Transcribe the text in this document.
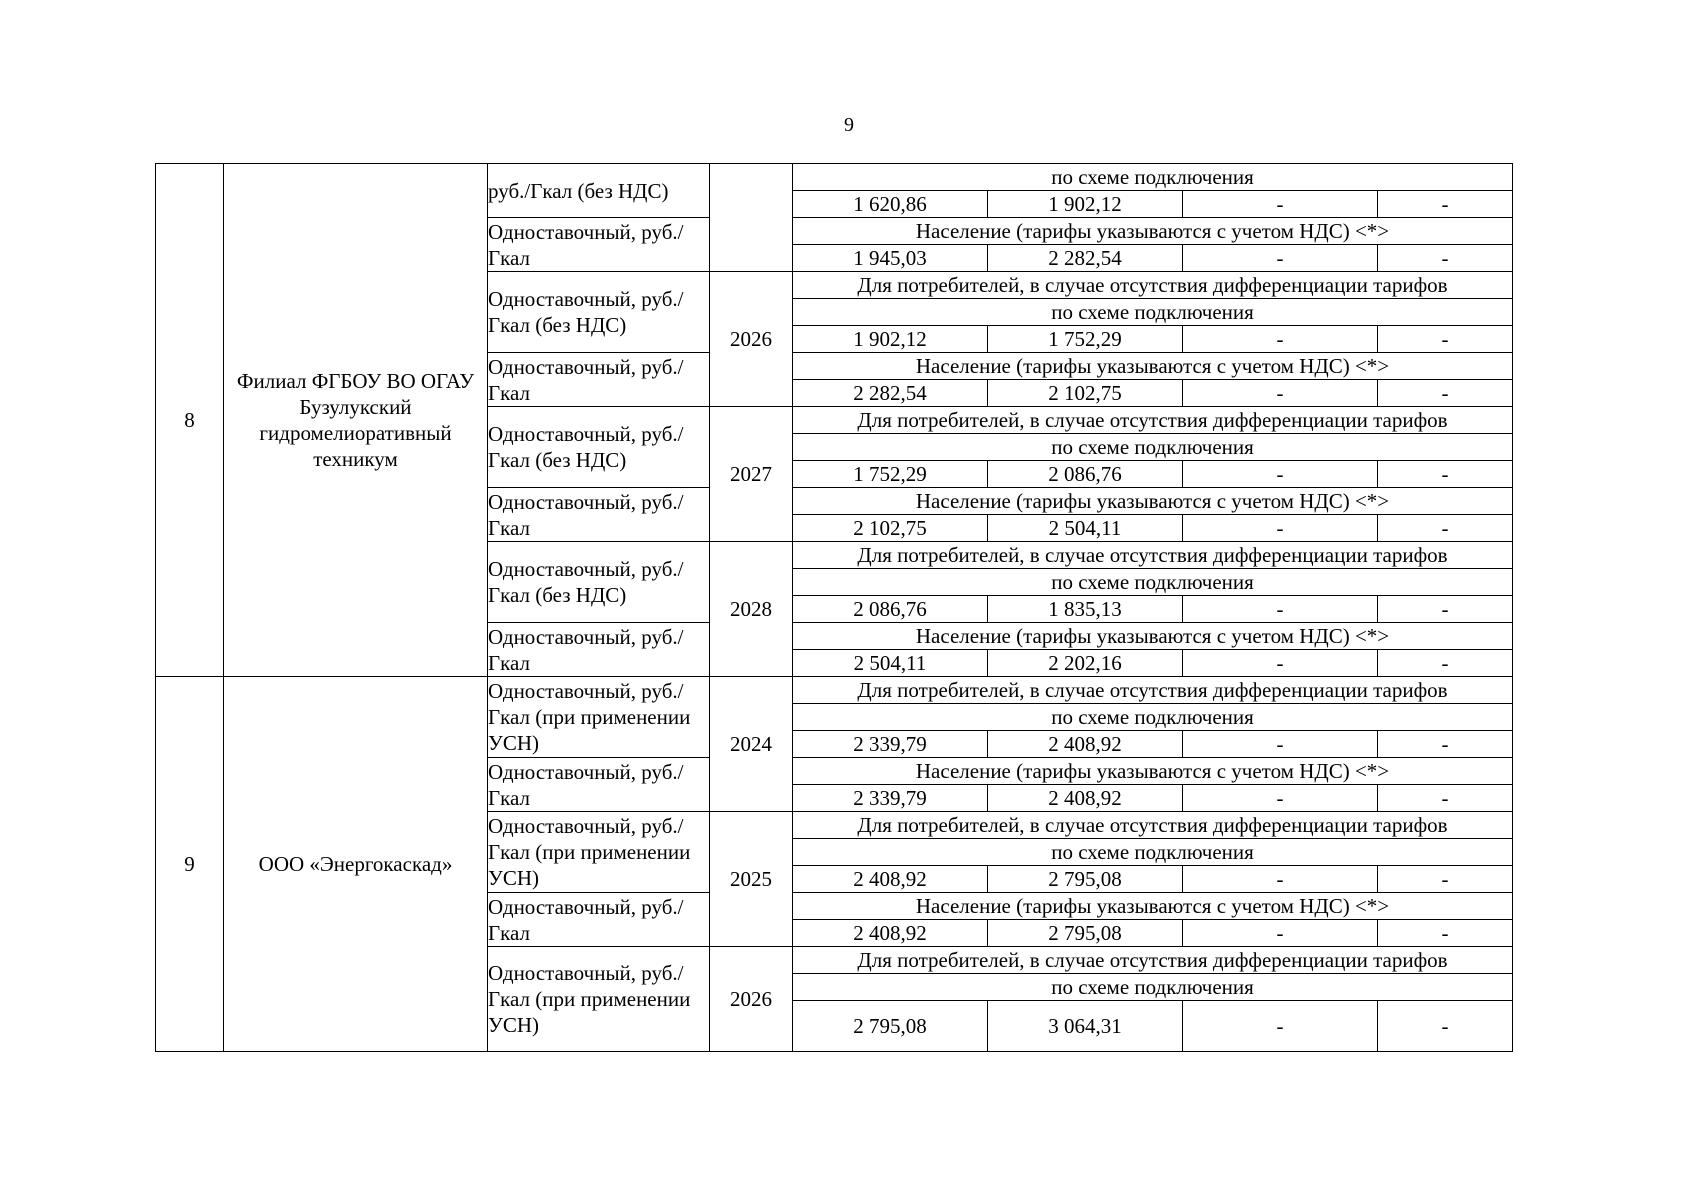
9
8	Филиал ФГБОУ ВО ОГАУ Бузулукский гидромелиоративный техникум	руб./Гкал (без НДС)		по схеме подключения			
				1 620,86	1 902,12	-	-
		Одноставочный, руб./Гкал		Население (тарифы указываются с учетом НДС) <*>			
				1 945,03	2 282,54	-	-
		Одноставочный, руб./Гкал (без НДС)	2026	Для потребителей, в случае отсутствия дифференциации тарифов			
				по схеме подключения			
				1 902,12	1 752,29	-	-
		Одноставочный, руб./Гкал		Население (тарифы указываются с учетом НДС) <*>			
				2 282,54	2 102,75	-	-
		Одноставочный, руб./Гкал (без НДС)	2027	Для потребителей, в случае отсутствия дифференциации тарифов			
				по схеме подключения			
				1 752,29	2 086,76	-	-
		Одноставочный, руб./Гкал		Население (тарифы указываются с учетом НДС) <*>			
				2 102,75	2 504,11	-	-
		Одноставочный, руб./Гкал (без НДС)	2028	Для потребителей, в случае отсутствия дифференциации тарифов			
				по схеме подключения			
				2 086,76	1 835,13	-	-
		Одноставочный, руб./Гкал		Население (тарифы указываются с учетом НДС) <*>			
				2 504,11	2 202,16	-	-
9	ООО «Энергокаскад»	Одноставочный, руб./Гкал (при применении УСН)	2024	Для потребителей, в случае отсутствия дифференциации тарифов			
				по схеме подключения			
				2 339,79	2 408,92	-	-
		Одноставочный, руб./Гкал		Население (тарифы указываются с учетом НДС) <*>			
				2 339,79	2 408,92	-	-
		Одноставочный, руб./Гкал (при применении УСН)	2025	Для потребителей, в случае отсутствия дифференциации тарифов			
				по схеме подключения			
				2 408,92	2 795,08	-	-
		Одноставочный, руб./Гкал		Население (тарифы указываются с учетом НДС) <*>			
				2 408,92	2 795,08	-	-
		Одноставочный, руб./Гкал (при применении УСН)	2026	Для потребителей, в случае отсутствия дифференциации тарифов			
				по схеме подключения			
				2 795,08	3 064,31	-	-
